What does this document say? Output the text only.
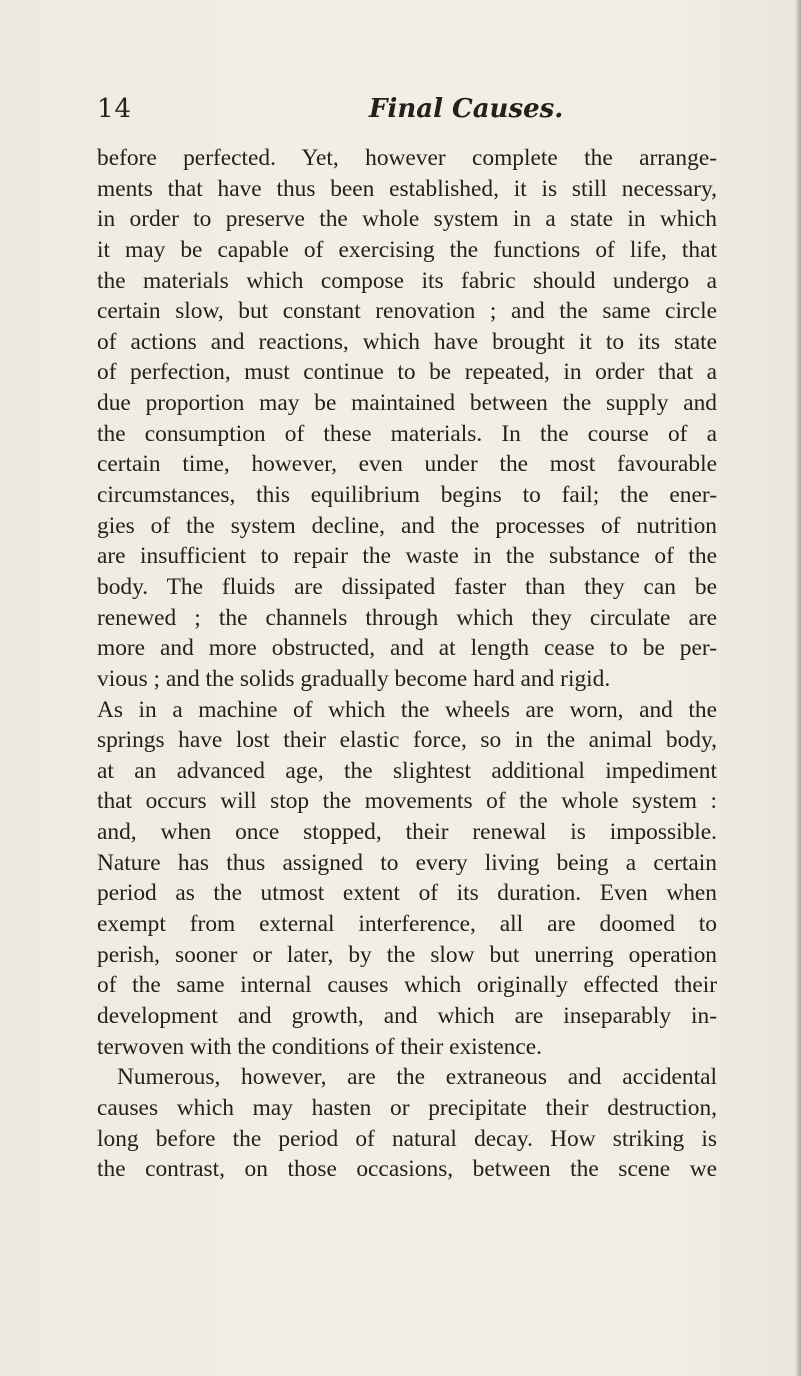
14	Final Causes.
before perfected. Yet, however complete the arrange-
ments that have thus been established, it is still necessary,
in order to preserve the whole system in a state in which
it may be capable of exercising the functions of life, that
the materials which compose its fabric should undergo a
certain slow, but constant renovation ; and the same circle
of actions and reactions, which have brought it to its state
of perfection, must continue to be repeated, in order that a
due proportion may be maintained between the supply and
the consumption of these materials. In the course of a
certain time, however, even under the most favourable
circumstances, this equilibrium begins to fail; the ener-
gies of the system decline, and the processes of nutrition
are insufficient to repair the waste in the substance of the
body. The fluids are dissipated faster than they can be
renewed ; the channels through which they circulate are
more and more obstructed, and at length cease to be per-
vious ; and the solids gradually become hard and rigid.
As in a machine of which the wheels are worn, and the
springs have lost their elastic force, so in the animal body,
at an advanced age, the slightest additional impediment
that occurs will stop the movements of the whole system :
and, when once stopped, their renewal is impossible.
Nature has thus assigned to every living being a certain
period as the utmost extent of its duration. Even when
exempt from external interference, all are doomed to
perish, sooner or later, by the slow but unerring operation
of the same internal causes which originally effected their
development and growth, and which are inseparably in-
terwoven with the conditions of their existence.
Numerous, however, are the extraneous and accidental
causes which may hasten or precipitate their destruction,
long before the period of natural decay. How striking is
the contrast, on those occasions, between the scene we
